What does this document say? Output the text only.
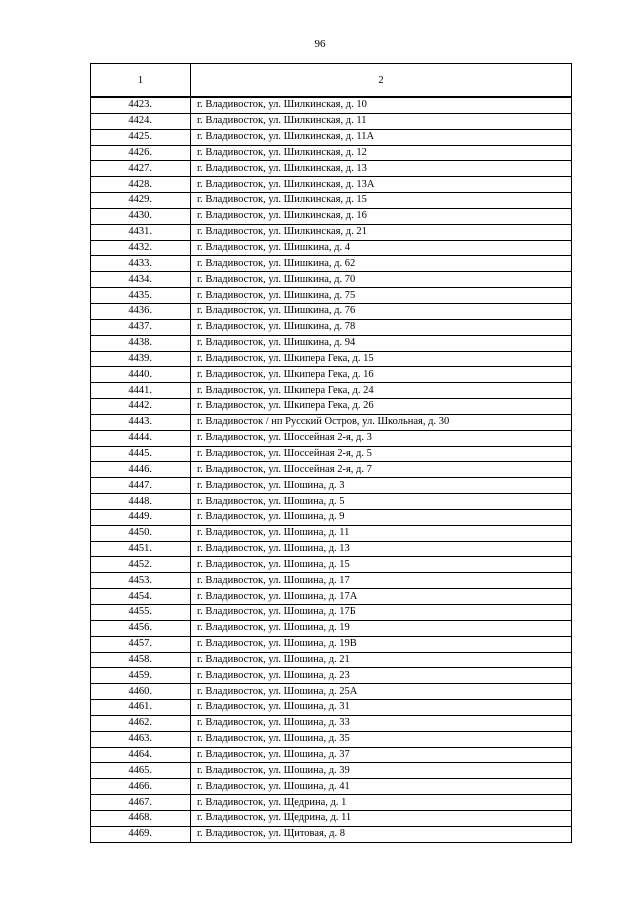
96
1	2
4423.	г. Владивосток, ул. Шилкинская, д. 10
4424.	г. Владивосток, ул. Шилкинская, д. 11
4425.	г. Владивосток, ул. Шилкинская, д. 11А
4426.	г. Владивосток, ул. Шилкинская, д. 12
4427.	г. Владивосток, ул. Шилкинская, д. 13
4428.	г. Владивосток, ул. Шилкинская, д. 13А
4429.	г. Владивосток, ул. Шилкинская, д. 15
4430.	г. Владивосток, ул. Шилкинская, д. 16
4431.	г. Владивосток, ул. Шилкинская, д. 21
4432.	г. Владивосток, ул. Шишкина, д. 4
4433.	г. Владивосток, ул. Шишкина, д. 62
4434.	г. Владивосток, ул. Шишкина, д. 70
4435.	г. Владивосток, ул. Шишкина, д. 75
4436.	г. Владивосток, ул. Шишкина, д. 76
4437.	г. Владивосток, ул. Шишкина, д. 78
4438.	г. Владивосток, ул. Шишкина, д. 94
4439.	г. Владивосток, ул. Шкипера Гека, д. 15
4440.	г. Владивосток, ул. Шкипера Гека, д. 16
4441.	г. Владивосток, ул. Шкипера Гека, д. 24
4442.	г. Владивосток, ул. Шкипера Гека, д. 26
4443.	г. Владивосток / нп Русский Остров, ул. Школьная, д. 30
4444.	г. Владивосток, ул. Шоссейная 2-я, д. 3
4445.	г. Владивосток, ул. Шоссейная 2-я, д. 5
4446.	г. Владивосток, ул. Шоссейная 2-я, д. 7
4447.	г. Владивосток, ул. Шошина, д. 3
4448.	г. Владивосток, ул. Шошина, д. 5
4449.	г. Владивосток, ул. Шошина, д. 9
4450.	г. Владивосток, ул. Шошина, д. 11
4451.	г. Владивосток, ул. Шошина, д. 13
4452.	г. Владивосток, ул. Шошина, д. 15
4453.	г. Владивосток, ул. Шошина, д. 17
4454.	г. Владивосток, ул. Шошина, д. 17А
4455.	г. Владивосток, ул. Шошина, д. 17Б
4456.	г. Владивосток, ул. Шошина, д. 19
4457.	г. Владивосток, ул. Шошина, д. 19В
4458.	г. Владивосток, ул. Шошина, д. 21
4459.	г. Владивосток, ул. Шошина, д. 23
4460.	г. Владивосток, ул. Шошина, д. 25А
4461.	г. Владивосток, ул. Шошина, д. 31
4462.	г. Владивосток, ул. Шошина, д. 33
4463.	г. Владивосток, ул. Шошина, д. 35
4464.	г. Владивосток, ул. Шошина, д. 37
4465.	г. Владивосток, ул. Шошина, д. 39
4466.	г. Владивосток, ул. Шошина, д. 41
4467.	г. Владивосток, ул. Щедрина, д. 1
4468.	г. Владивосток, ул. Щедрина, д. 11
4469.	г. Владивосток, ул. Щитовая, д. 8
